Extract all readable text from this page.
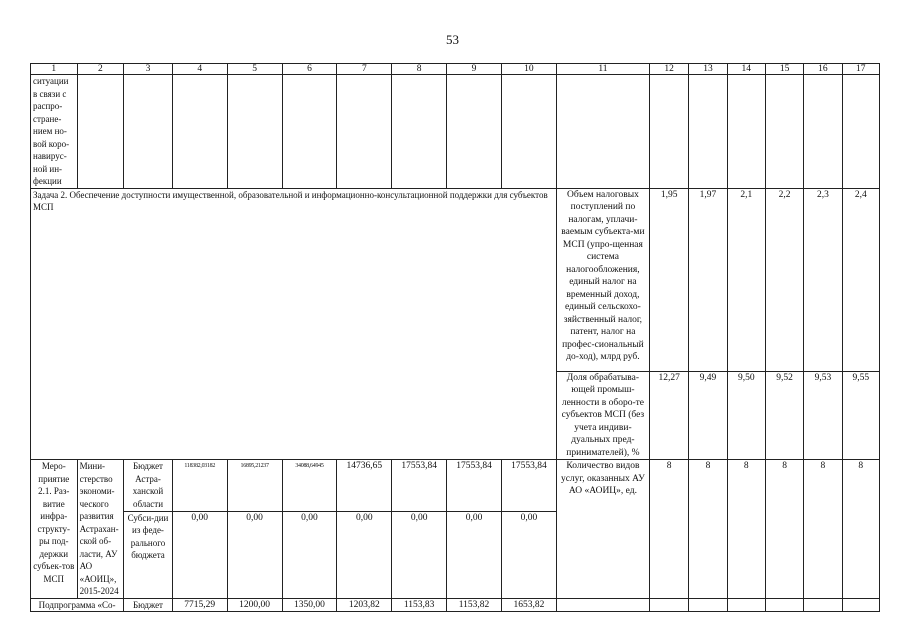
53
1	2	3	4	5	6	7	8	9	10	11	12	13	14	15	16	17
ситуации в связи с распро-стране-нием но-вой коро-навирус-ной ин-фекции																
Задача 2. Обеспечение доступности имущественной, образовательной и информационно-консультационной поддержки для субъектов МСП										Объем налоговых поступлений по налогам, уплачи-ваемым субъекта-ми МСП (упро-щенная система налогообложения, единый налог на временный доход, единый сельскохо-зяйственный налог, патент, налог на профес-сиональный до-ход), млрд руб.	1,95	1,97	2,1	2,2	2,3	2,4
										Доля обрабатыва-ющей промыш-ленности в оборо-те субъектов МСП (без учета индиви-дуальных пред-принимателей), %	12,27	9,49	9,50	9,52	9,53	9,55
Меро-приятие 2.1. Раз-витие инфра-структу-ры под-держки субъек-тов МСП	Мини-стерство экономи-ческого развития Астрахан-ской об-ласти, АУ АО «АОИЦ», 2015-2024	Бюджет Астра-ханской области	118382,03182	16895,21237	34088,64945	14736,65	17553,84	17553,84	17553,84	Количество видов услуг, оказанных АУ АО «АОИЦ», ед.	8	8	8	8	8	8
		Субси-дии из феде-рального бюджета	0,00	0,00	0,00	0,00	0,00	0,00	0,00							
Подпрограмма «Со-		Бюджет	7715,29	1200,00	1350,00	1203,82	1153,83	1153,82	1653,82							
